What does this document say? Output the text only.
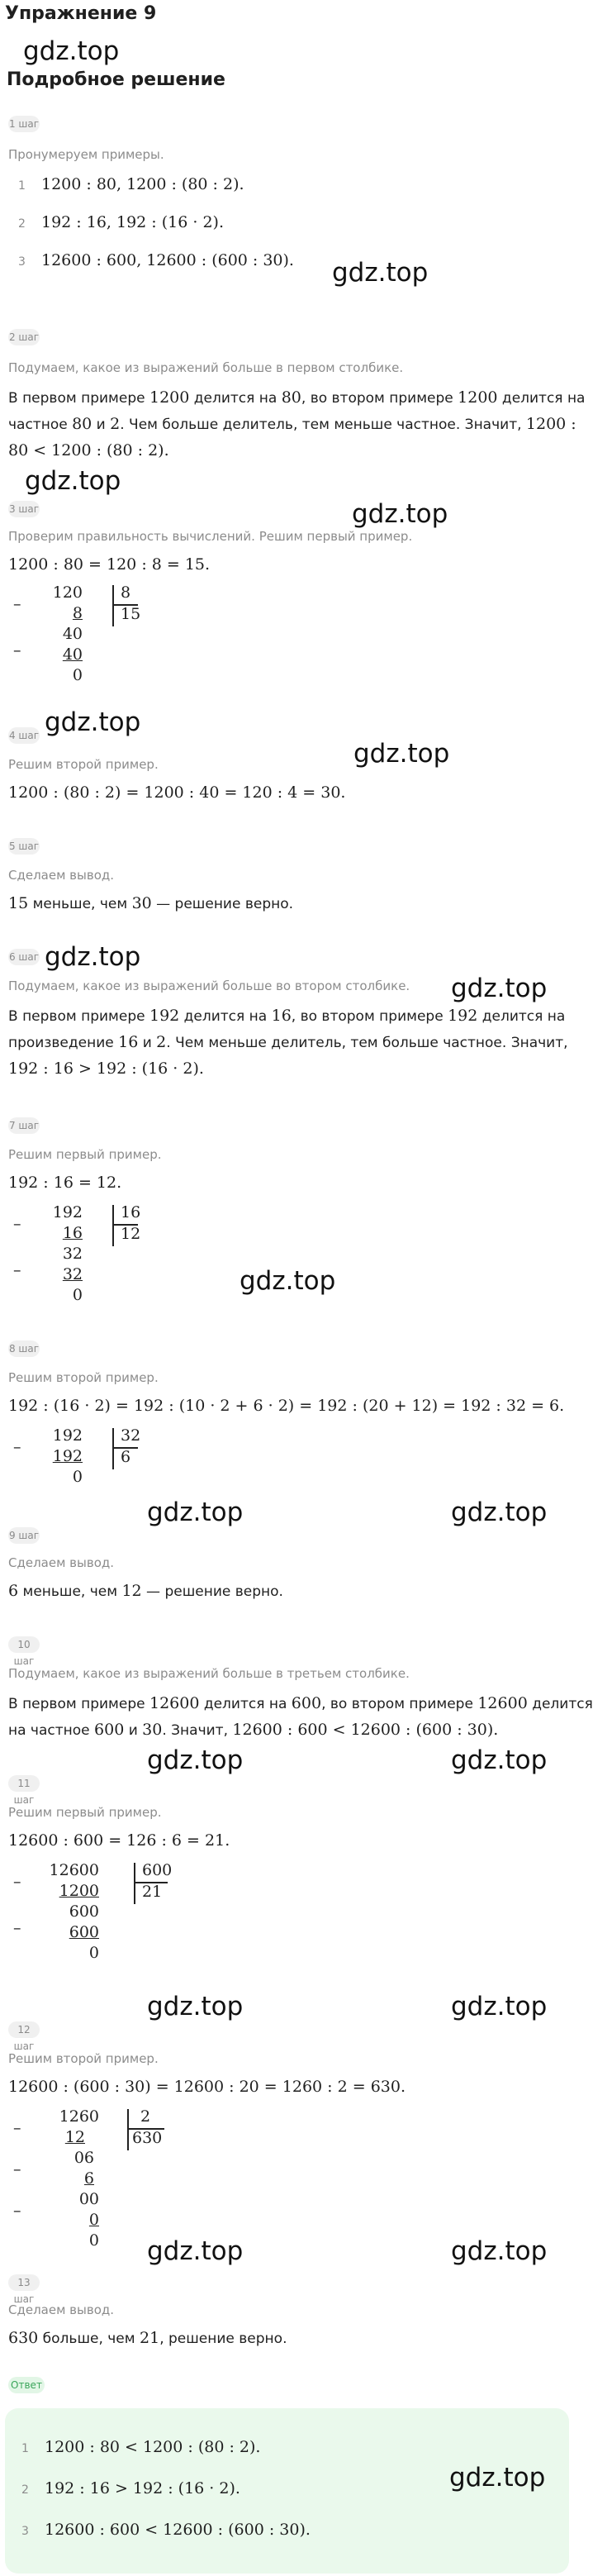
Упражнение 9
gdz.top
Подробное решение
1 шаг
Пронумеруем примеры.
1 1200 : 80, 1200 : (80 : 2).
2 192 : 16, 192 : (16 · 2).
3 12600 : 600, 12600 : (600 : 30). gdz.top
2 шаг
Подумаем, какое из выражений больше в первом столбике.
В первом примере 1200 делится на 80, во втором примере 1200 делится на
частное 80 и 2. Чем больше делитель, тем меньше частное. Значит, 1200 :
80 < 1200 : (80 : 2).
gdz.top
3 шаг	gdz.top
Проверим правильность вычислений. Решим первый пример.
1200 : 80 = 120 : 8 = 15.
–
–
120
8
40
40
0
8
15
4 шаг gdz.top
gdz.top
Решим второй пример.
1200 : (80 : 2) = 1200 : 40 = 120 : 4 = 30.
5 шаг
Сделаем вывод.
15 меньше, чем 30 — решение верно.
6 шаг gdz.top
Подумаем, какое из выражений больше во втором столбике. gdz.top
В первом примере 192 делится на 16, во втором примере 192 делится на
произведение 16 и 2. Чем меньше делитель, тем больше частное. Значит,
192 : 16 > 192 : (16 · 2).
7 шаг
Решим первый пример.
192 : 16 = 12.
–
–
192
16
32
32
0
16
12
gdz.top
8 шаг
Решим второй пример.
192 : (16 · 2) = 192 : (10 · 2 + 6 · 2) = 192 : (20 + 12) = 192 : 32 = 6.
–
192
192
0
32
6
gdz.top	gdz.top
9 шаг
Сделаем вывод.
6 меньше, чем 12 — решение верно.
10 шаг
Подумаем, какое из выражений больше в третьем столбике.
В первом примере 12600 делится на 600, во втором примере 12600 делится
на частное 600 и 30. Значит, 12600 : 600 < 12600 : (600 : 30).
gdz.top	gdz.top
11 шаг
Решим первый пример.
12600 : 600 = 126 : 6 = 21.
–
–
12600
1200
600
600
0
600
21
gdz.top	gdz.top
12 шаг
Решим второй пример.
12600 : (600 : 30) = 12600 : 20 = 1260 : 2 = 630.
–
–
–
1260
12
06
6
00
0
0
2
630
gdz.top	gdz.top
13 шаг
Сделаем вывод.
630 больше, чем 21, решение верно.
Ответ
1 1200 : 80 < 1200 : (80 : 2).
2 192 : 16 > 192 : (16 · 2).
3 12600 : 600 < 12600 : (600 : 30).
gdz.top
